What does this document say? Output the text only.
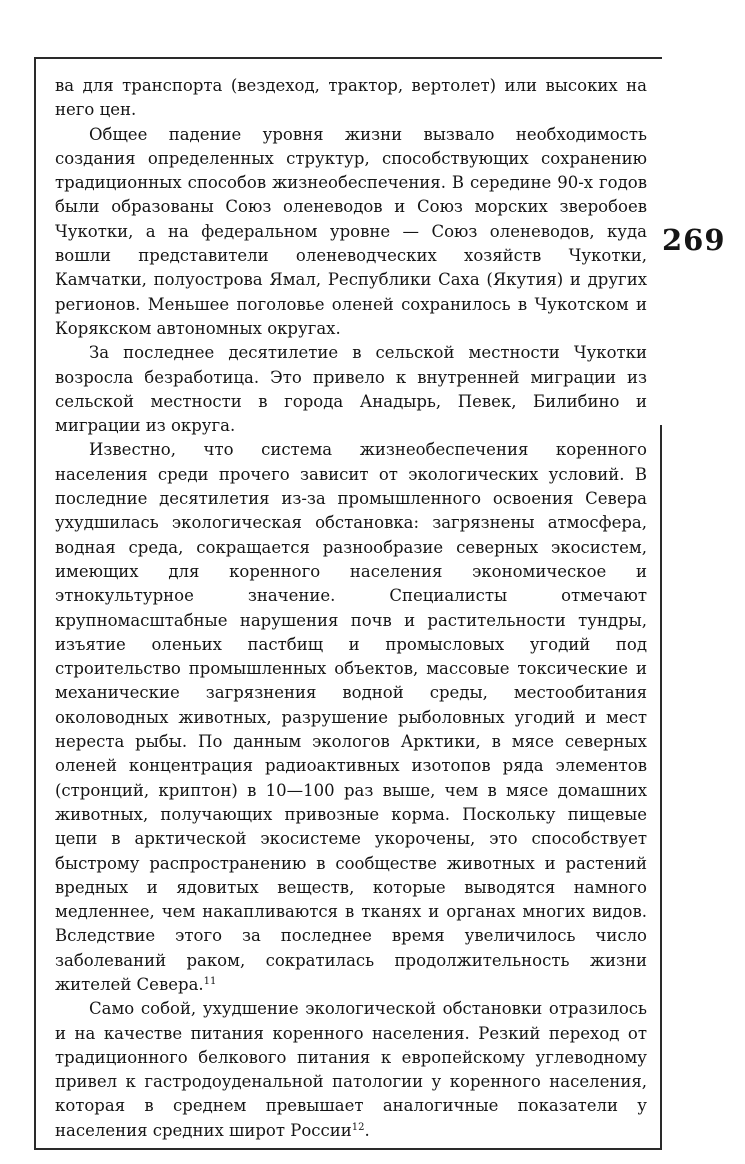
269

ва для транспорта (вездеход, трактор, вертолет) или высоких на него цен.

Общее падение уровня жизни вызвало необходимость создания определенных структур, способствующих сохранению традиционных способов жизнеобеспечения. В середине 90-х годов были образованы Союз оленеводов и Союз морских зверобоев Чукотки, а на федеральном уровне — Союз оленеводов, куда вошли представители оленеводческих хозяйств Чукотки, Камчатки, полуострова Ямал, Республики Саха (Якутия) и других регионов. Меньшее поголовье оленей сохранилось в Чукотском и Корякском автономных округах.

За последнее десятилетие в сельской местности Чукотки возросла безработица. Это привело к внутренней миграции из сельской местности в города Анадырь, Певек, Билибино и миграции из округа.

Известно, что система жизнеобеспечения коренного населения среди прочего зависит от экологических условий. В последние десятилетия из-за промышленного освоения Севера ухудшилась экологическая обстановка: загрязнены атмосфера, водная среда, сокращается разнообразие северных экосистем, имеющих для коренного населения экономическое и этнокультурное значение. Специалисты отмечают крупномасштабные нарушения почв и растительности тундры, изъятие оленьих пастбищ и промысловых угодий под строительство промышленных объектов, массовые токсические и механические загрязнения водной среды, местообитания околоводных животных, разрушение рыболовных угодий и мест нереста рыбы. По данным экологов Арктики, в мясе северных оленей концентрация радиоактивных изотопов ряда элементов (стронций, криптон) в 10—100 раз выше, чем в мясе домашних животных, получающих привозные корма. Поскольку пищевые цепи в арктической экосистеме укорочены, это способствует быстрому распространению в сообществе животных и растений вредных и ядовитых веществ, которые выводятся намного медленнее, чем накапливаются в тканях и органах многих видов. Вследствие этого за последнее время увеличилось число заболеваний раком, сократилась продолжительность жизни жителей Севера.$^{11}$

Само собой, ухудшение экологической обстановки отразилось и на качестве питания коренного населения. Резкий переход от традиционного белкового питания к европейскому углеводному привел к гастродоуденальной патологии у коренного населения, которая в среднем превышает аналогичные показатели у населения средних широт России$^{12}$.
